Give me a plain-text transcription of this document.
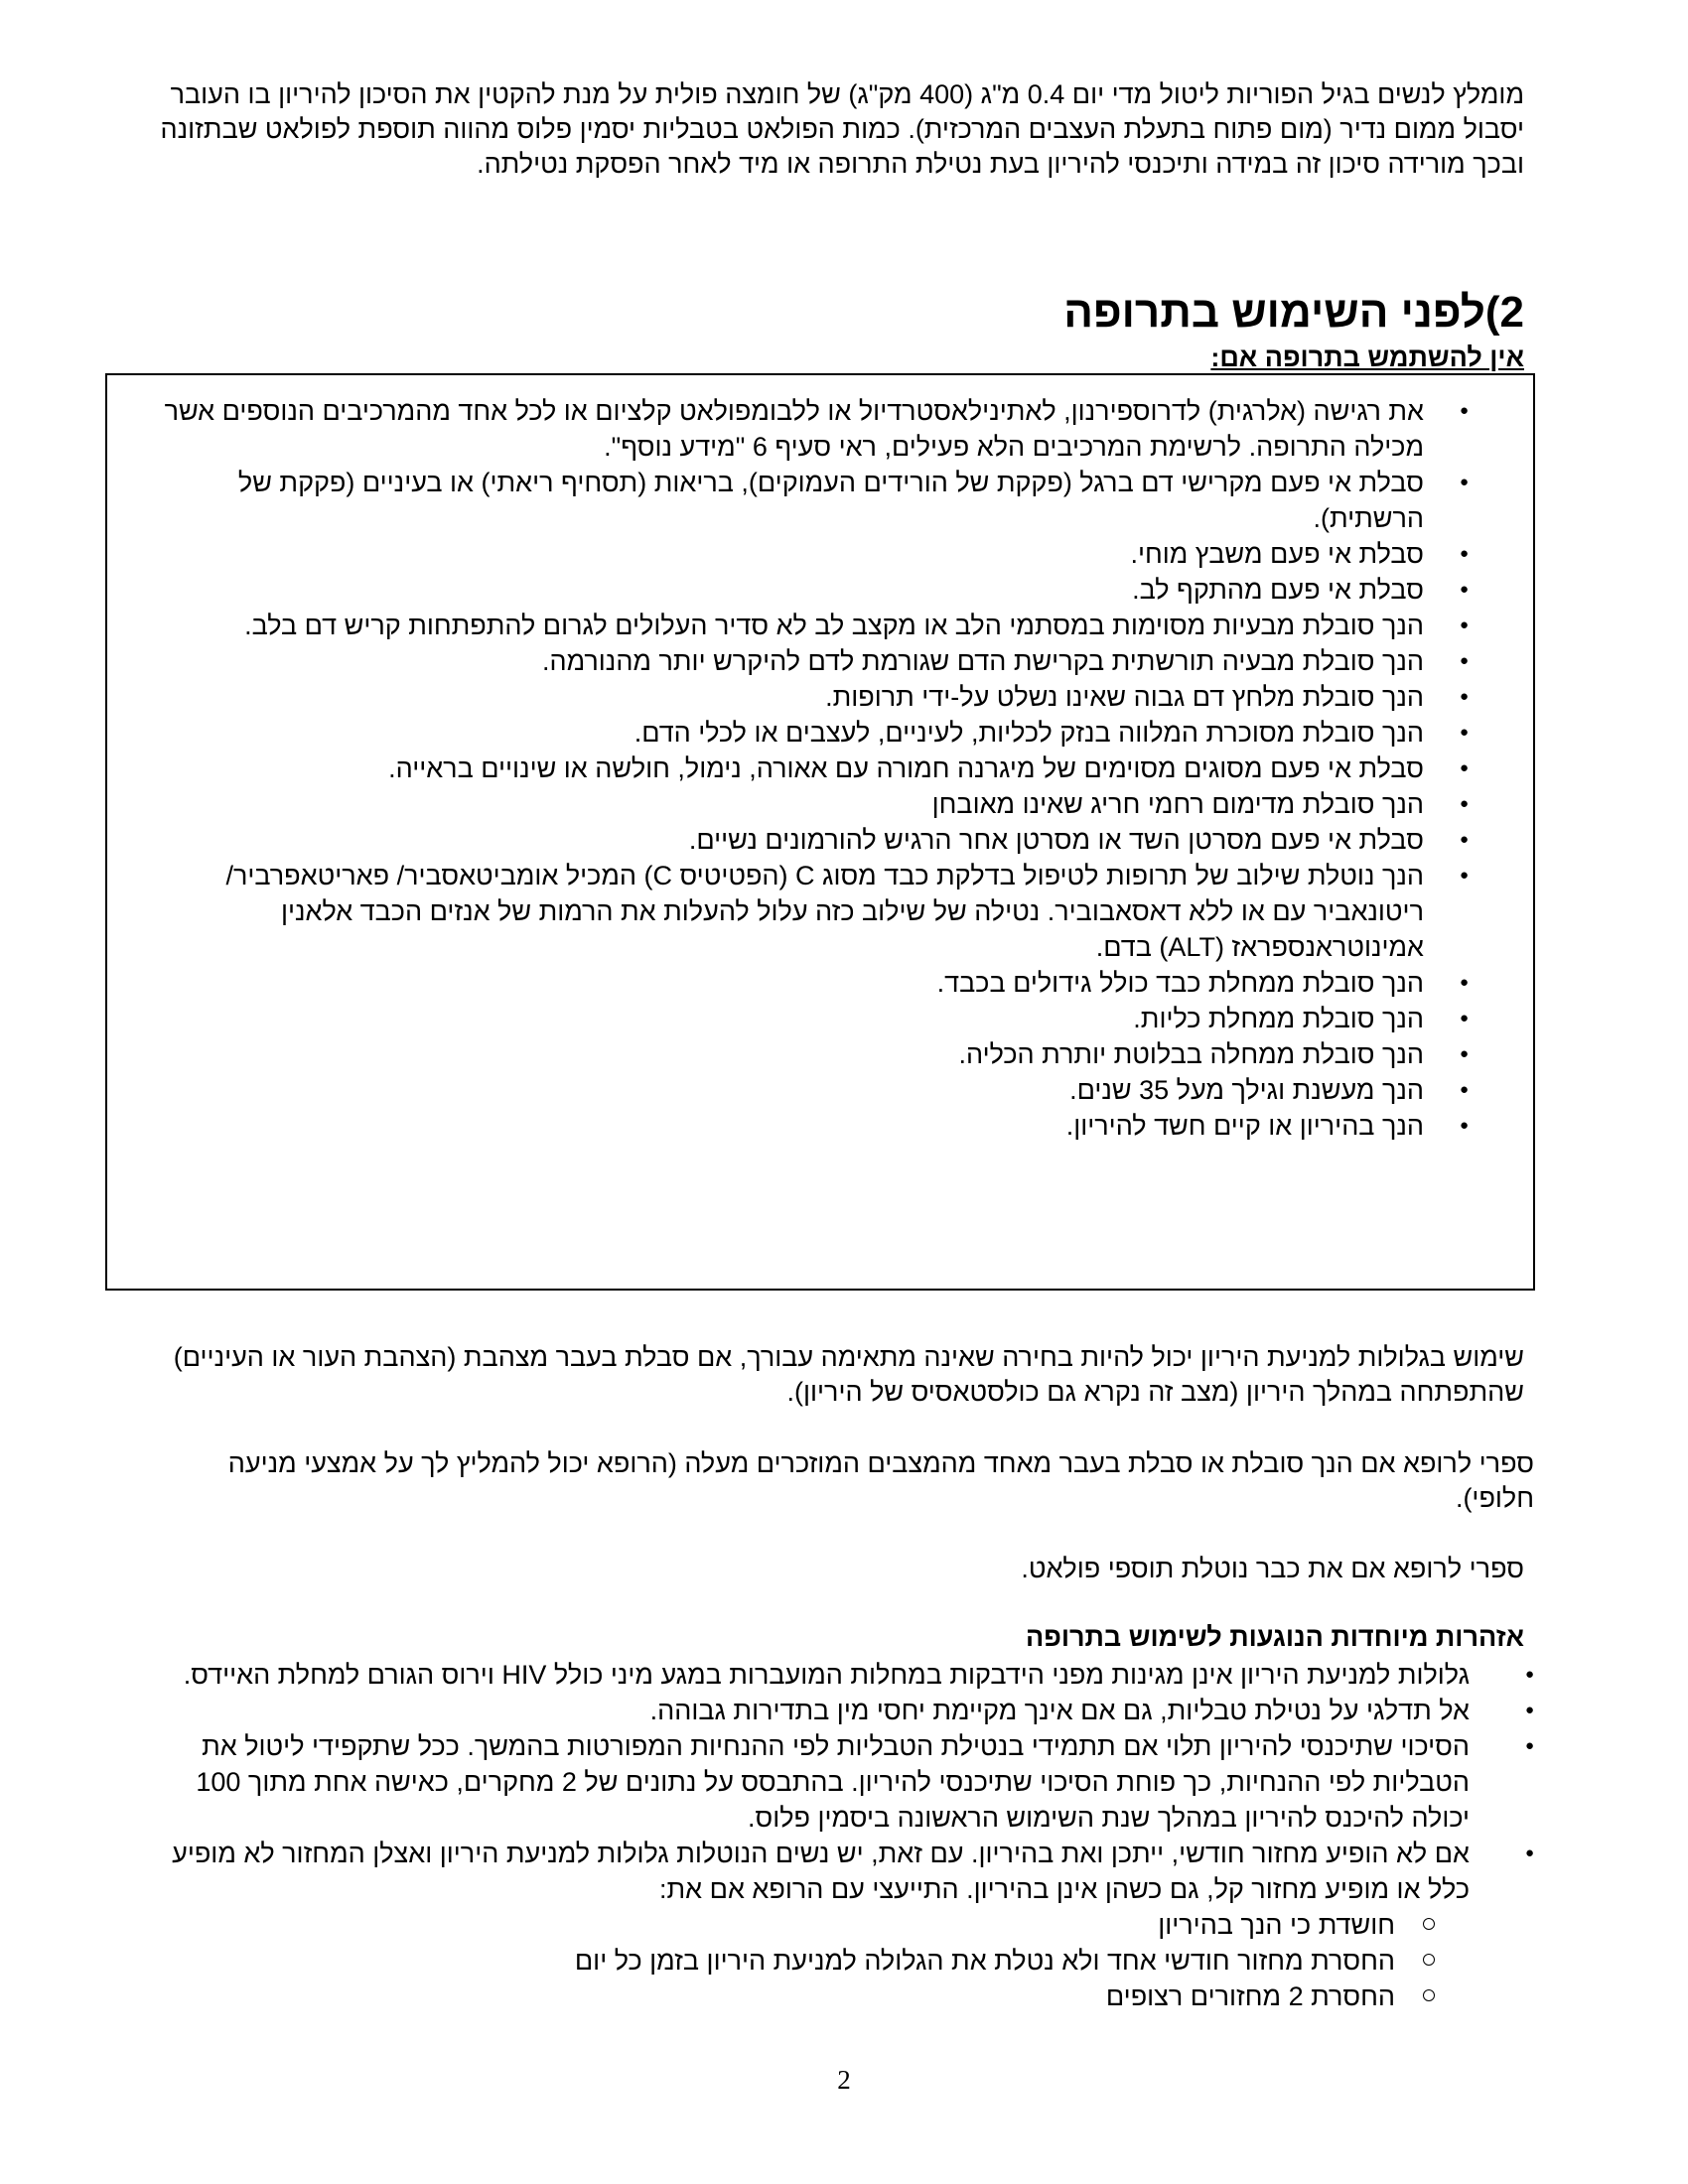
מומלץ לנשים בגיל הפוריות ליטול מדי יום 0.4 מ"ג (400 מק"ג) של חומצה פולית על מנת להקטין את הסיכון להיריון בו העובר יסבול ממום נדיר (מום פתוח בתעלת העצבים המרכזית). כמות הפולאט בטבליות יסמין פלוס מהווה תוספת לפולאט שבתזונה ובכך מורידה סיכון זה במידה ותיכנסי להיריון בעת נטילת התרופה או מיד לאחר הפסקת נטילתה.

2)לפני השימוש בתרופה
אין להשתמש בתרופה אם:
● את רגישה (אלרגית) לדרוספירנון, לאתינילאסטרדיול או ללבומפולאט קלציום או לכל אחד מהמרכיבים הנוספים אשר מכילה התרופה. לרשימת המרכיבים הלא פעילים, ראי סעיף 6 "מידע נוסף".
● סבלת אי פעם מקרישי דם ברגל (פקקת של הורידים העמוקים), בריאות (תסחיף ריאתי) או בעיניים (פקקת של הרשתית).
● סבלת אי פעם משבץ מוחי.
● סבלת אי פעם מהתקף לב.
● הנך סובלת מבעיות מסוימות במסתמי הלב או מקצב לב לא סדיר העלולים לגרום להתפתחות קריש דם בלב.
● הנך סובלת מבעיה תורשתית בקרישת הדם שגורמת לדם להיקרש יותר מהנורמה.
● הנך סובלת מלחץ דם גבוה שאינו נשלט על-ידי תרופות.
● הנך סובלת מסוכרת המלווה בנזק לכליות, לעיניים, לעצבים או לכלי הדם.
● סבלת אי פעם מסוגים מסוימים של מיגרנה חמורה עם אאורה, נימול, חולשה או שינויים בראייה.
● הנך סובלת מדימום רחמי חריג שאינו מאובחן
● סבלת אי פעם מסרטן השד או מסרטן אחר הרגיש להורמונים נשיים.
● הנך נוטלת שילוב של תרופות לטיפול בדלקת כבד מסוג C (הפטיטיס C) המכיל אומביטאסביר/ פאריטאפרביר/ ריטונאביר עם או ללא דאסאבוביר. נטילה של שילוב כזה עלול להעלות את הרמות של אנזים הכבד אלאנין אמינוטראנספראז (ALT) בדם.
● הנך סובלת ממחלת כבד כולל גידולים בכבד.
● הנך סובלת ממחלת כליות.
● הנך סובלת ממחלה בבלוטת יותרת הכליה.
● הנך מעשנת וגילך מעל 35 שנים.
● הנך בהיריון או קיים חשד להיריון.

שימוש בגלולות למניעת היריון יכול להיות בחירה שאינה מתאימה עבורך, אם סבלת בעבר מצהבת (הצהבת העור או העיניים) שהתפתחה במהלך היריון (מצב זה נקרא גם כולסטאסיס של היריון).

ספרי לרופא אם הנך סובלת או סבלת בעבר מאחד מהמצבים המוזכרים מעלה (הרופא יכול להמליץ לך על אמצעי מניעה חלופי).

ספרי לרופא אם את כבר נוטלת תוספי פולאט.

אזהרות מיוחדות הנוגעות לשימוש בתרופה
● גלולות למניעת היריון אינן מגינות מפני הידבקות במחלות המועברות במגע מיני כולל HIV וירוס הגורם למחלת האיידס.
● אל תדלגי על נטילת טבליות, גם אם אינך מקיימת יחסי מין בתדירות גבוהה.
● הסיכוי שתיכנסי להיריון תלוי אם תתמידי בנטילת הטבליות לפי ההנחיות המפורטות בהמשך. ככל שתקפידי ליטול את הטבליות לפי ההנחיות, כך פוחת הסיכוי שתיכנסי להיריון. בהתבסס על נתונים של 2 מחקרים, כאישה אחת מתוך 100 יכולה להיכנס להיריון במהלך שנת השימוש הראשונה ביסמין פלוס.
● אם לא הופיע מחזור חודשי, ייתכן ואת בהיריון. עם זאת, יש נשים הנוטלות גלולות למניעת היריון ואצלן המחזור לא מופיע כלל או מופיע מחזור קל, גם כשהן אינן בהיריון. התייעצי עם הרופא אם את:
חושדת כי הנך בהיריון
החסרת מחזור חודשי אחד ולא נטלת את הגלולה למניעת היריון בזמן כל יום
החסרת 2 מחזורים רצופים
2
